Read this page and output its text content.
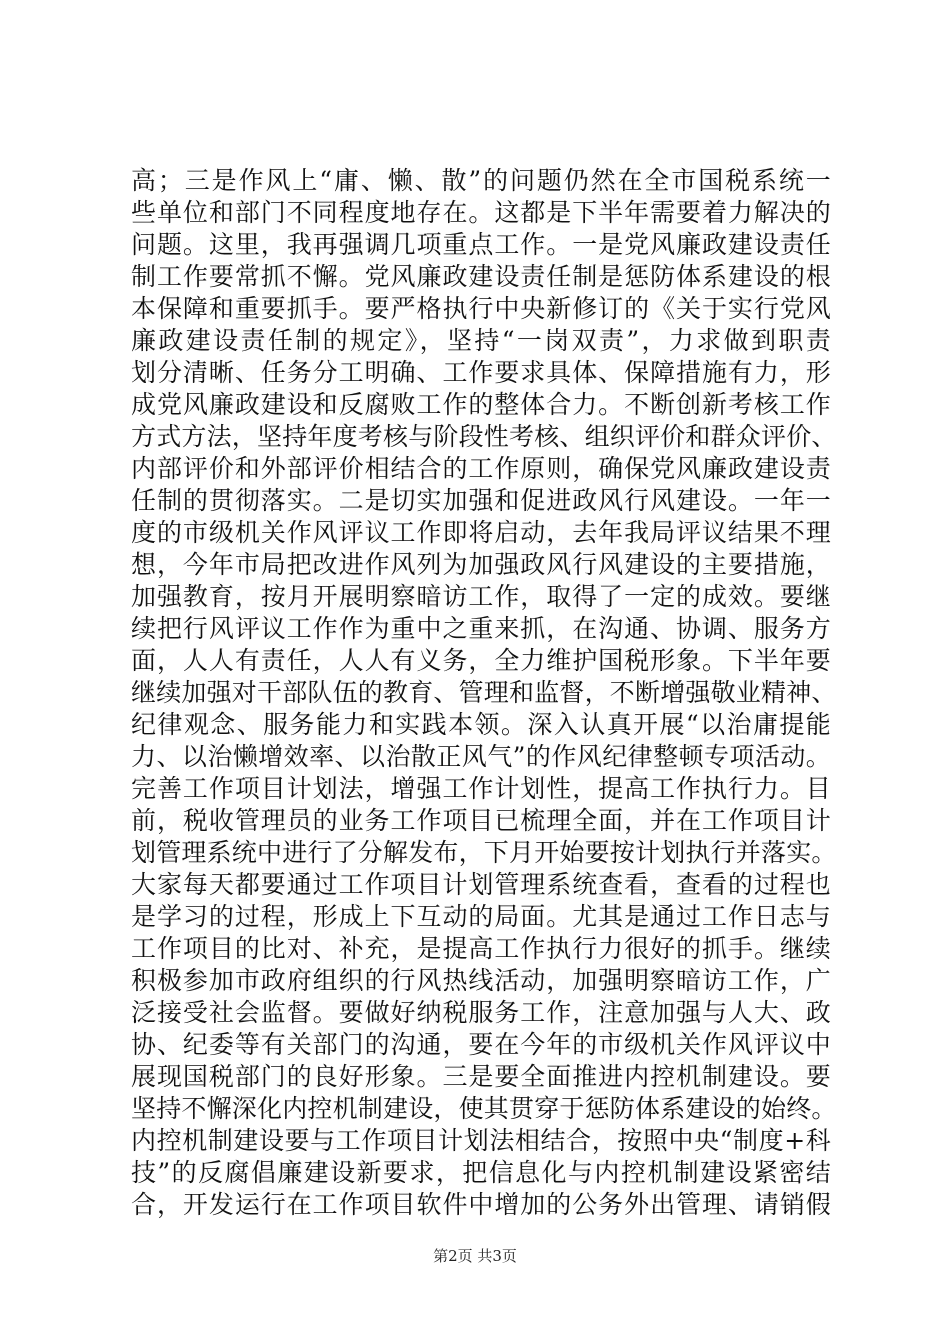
高；三是作风上“庸、懒、散”的问题仍然在全市国税系统一
些单位和部门不同程度地存在。这都是下半年需要着力解决的
问题。这里，我再强调几项重点工作。一是党风廉政建设责任
制工作要常抓不懈。党风廉政建设责任制是惩防体系建设的根
本保障和重要抓手。要严格执行中央新修订的《关于实行党风
廉政建设责任制的规定》，坚持“一岗双责”，力求做到职责
划分清晰、任务分工明确、工作要求具体、保障措施有力，形
成党风廉政建设和反腐败工作的整体合力。不断创新考核工作
方式方法，坚持年度考核与阶段性考核、组织评价和群众评价、
内部评价和外部评价相结合的工作原则，确保党风廉政建设责
任制的贯彻落实。二是切实加强和促进政风行风建设。一年一
度的市级机关作风评议工作即将启动，去年我局评议结果不理
想，今年市局把改进作风列为加强政风行风建设的主要措施，
加强教育，按月开展明察暗访工作，取得了一定的成效。要继
续把行风评议工作作为重中之重来抓，在沟通、协调、服务方
面，人人有责任，人人有义务，全力维护国税形象。下半年要
继续加强对干部队伍的教育、管理和监督，不断增强敬业精神、
纪律观念、服务能力和实践本领。深入认真开展“以治庸提能
力、以治懒增效率、以治散正风气”的作风纪律整顿专项活动。
完善工作项目计划法，增强工作计划性，提高工作执行力。目
前，税收管理员的业务工作项目已梳理全面，并在工作项目计
划管理系统中进行了分解发布，下月开始要按计划执行并落实。
大家每天都要通过工作项目计划管理系统查看，查看的过程也
是学习的过程，形成上下互动的局面。尤其是通过工作日志与
工作项目的比对、补充，是提高工作执行力很好的抓手。继续
积极参加市政府组织的行风热线活动，加强明察暗访工作，广
泛接受社会监督。要做好纳税服务工作，注意加强与人大、政
协、纪委等有关部门的沟通，要在今年的市级机关作风评议中
展现国税部门的良好形象。三是要全面推进内控机制建设。要
坚持不懈深化内控机制建设，使其贯穿于惩防体系建设的始终。
内控机制建设要与工作项目计划法相结合，按照中央“制度+科
技”的反腐倡廉建设新要求，把信息化与内控机制建设紧密结
合，开发运行在工作项目软件中增加的公务外出管理、请销假
第2页 共3页
